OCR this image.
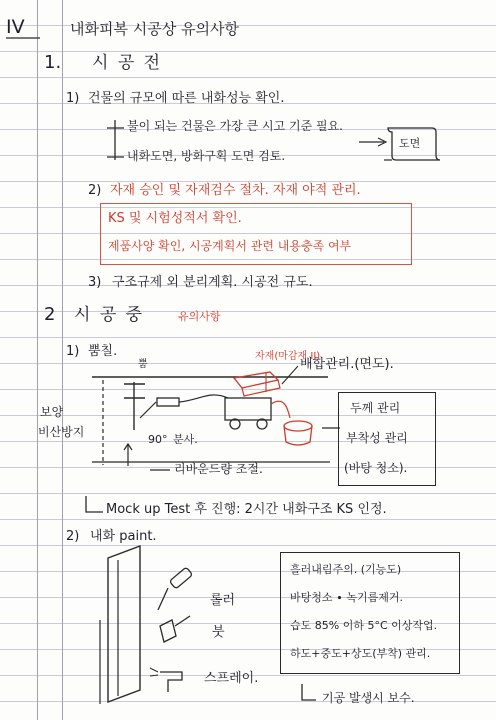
IV	내화피복 시공상 유의사항
1. 시 공 전
1) 건물의 규모에 따른 내화성능 확인.
불이 되는 건물은 가장 큰 시고 기준 필요.
내화도면, 방화구획 도면 검토.
도면
2) 자재 승인 및 자재검수 절차. 자재 야적 관리.
KS 및 시험성적서 확인.
제품사양 확인, 시공계획서 관련 내용충족 여부
3) 구조규제 외 분리계획. 시공전 규도.
2 시 공 중	유의사항
1) 뿜칠.
뿜
자재(마감재 II)
배합관리.(면도).
보양
비산방지
90° 분사.
리바운드량 조절.
두께 관리
부착성 관리
(바탕 청소).
Mock up Test 후 진행: 2시간 내화구조 KS 인정.
2) 내화 paint.
롤러
붓
스프레이.
흘러내림주의. (기능도)
바탕청소 ∙ 녹기름제거.
습도 85% 이하 5°C 이상작업.
하도+중도+상도(부착) 관리.
기공 발생시 보수.
